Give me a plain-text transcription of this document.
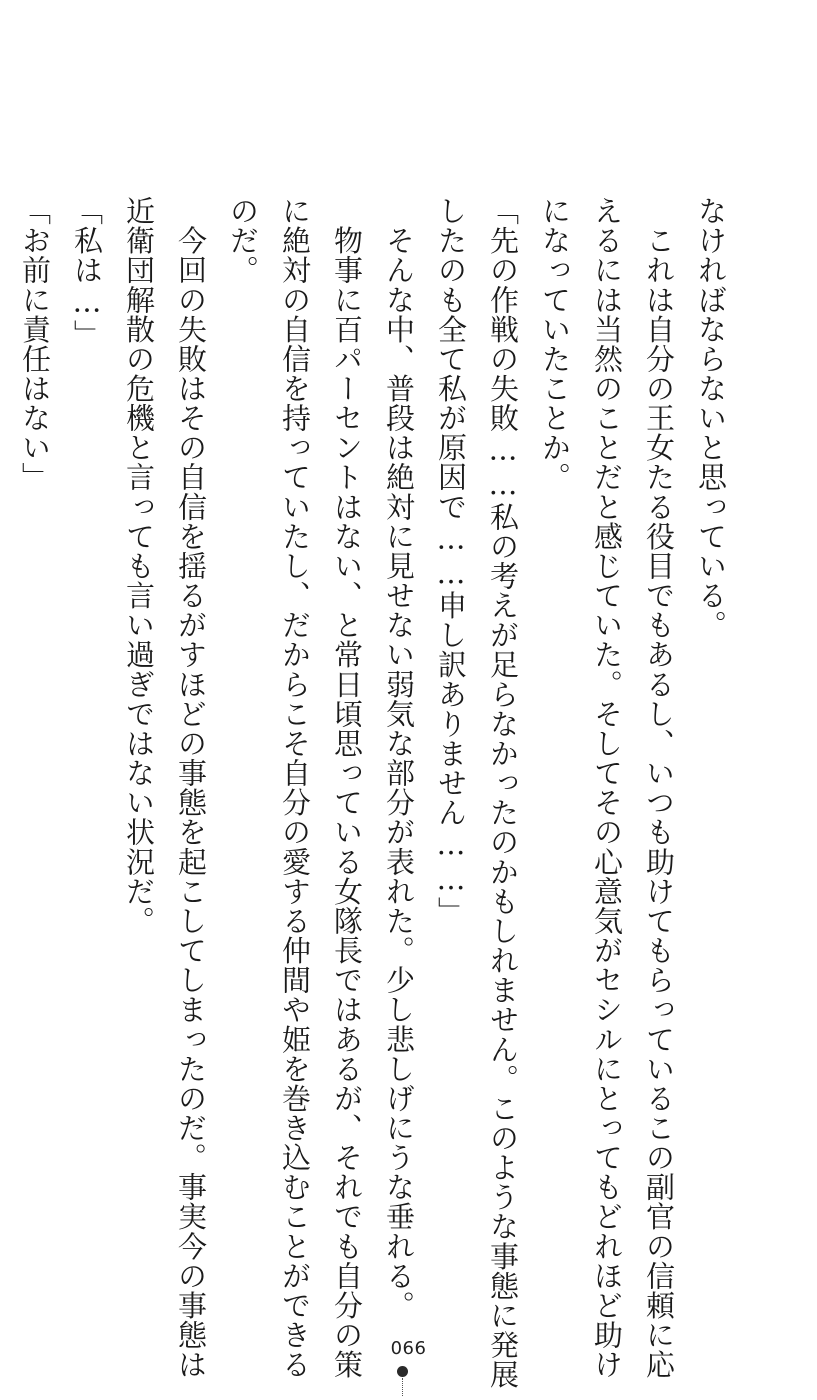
なければならないと思っている。
　これは自分の王女たる役目でもあるし、いつも助けてもらっているこの副官の信頼に応
えるには当然のことだと感じていた。そしてその心意気がセシルにとってもどれほど助け
になっていたことか。
「先の作戦の失敗……私の考えが足らなかったのかもしれません。このような事態に発展
したのも全て私が原因で……申し訳ありません……」
　そんな中、普段は絶対に見せない弱気な部分が表れた。少し悲しげにうな垂れる。
　物事に百パーセントはない、と常日頃思っている女隊長ではあるが、それでも自分の策
に絶対の自信を持っていたし、だからこそ自分の愛する仲間や姫を巻き込むことができる
のだ。
　今回の失敗はその自信を揺るがすほどの事態を起こしてしまったのだ。事実今の事態は
近衛団解散の危機と言っても言い過ぎではない状況だ。
「私は…」
「お前に責任はない」
066
